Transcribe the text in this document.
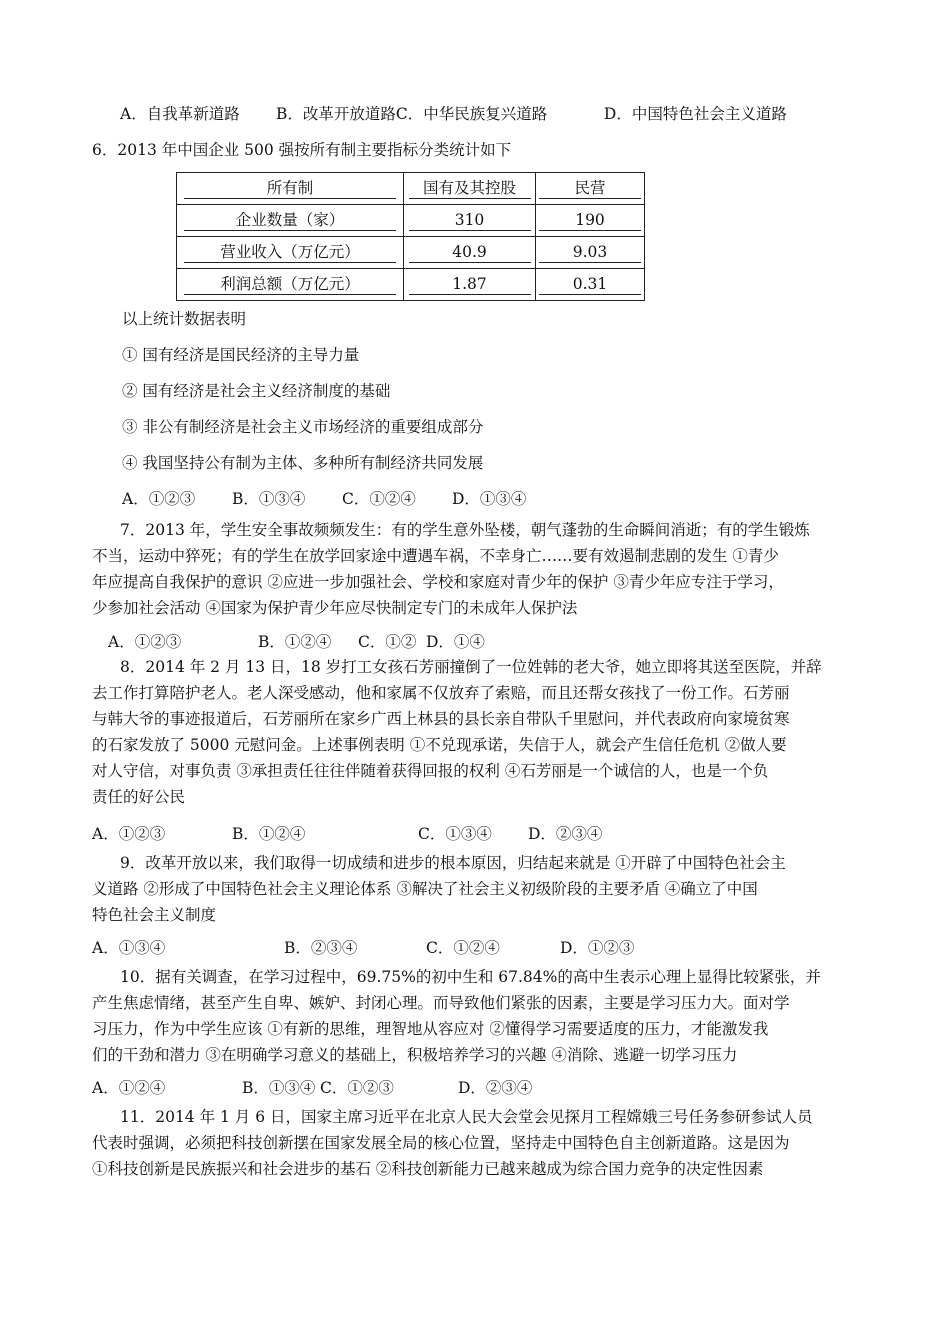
A．自我革新道路 B．改革开放道路C．中华民族复兴道路	D．中国特色社会主义道路
6．2013 年中国企业 500 强按所有制主要指标分类统计如下
所有制	国有及其控股	民营
企业数量（家）	310	190
营业收入（万亿元）	40.9	9.03
利润总额（万亿元）	1.87	0.31
以上统计数据表明
① 国有经济是国民经济的主导力量
② 国有经济是社会主义经济制度的基础
③ 非公有制经济是社会主义市场经济的重要组成部分
④ 我国坚持公有制为主体、多种所有制经济共同发展
A．①②③ B．①③④ C．①②④ D．①③④
7．2013 年，学生安全事故频频发生：有的学生意外坠楼，朝气蓬勃的生命瞬间消逝；有的学生锻炼
不当，运动中猝死；有的学生在放学回家途中遭遇车祸，不幸身亡……要有效遏制悲剧的发生 ①青少
年应提高自我保护的意识 ②应进一步加强社会、学校和家庭对青少年的保护 ③青少年应专注于学习，
少参加社会活动 ④国家为保护青少年应尽快制定专门的未成年人保护法
A．①②③	B．①②④ C．①② D．①④
8．2014 年 2 月 13 日，18 岁打工女孩石芳丽撞倒了一位姓韩的老大爷，她立即将其送至医院，并辞
去工作打算陪护老人。老人深受感动，他和家属不仅放弃了索赔，而且还帮女孩找了一份工作。石芳丽
与韩大爷的事迹报道后，石芳丽所在家乡广西上林县的县长亲自带队千里慰问，并代表政府向家境贫寒
的石家发放了 5000 元慰问金。上述事例表明 ①不兑现承诺，失信于人，就会产生信任危机 ②做人要
对人守信，对事负责 ③承担责任往往伴随着获得回报的权利 ④石芳丽是一个诚信的人，也是一个负
责任的好公民
A．①②③	B．①②④	C．①③④ D．②③④
9．改革开放以来，我们取得一切成绩和进步的根本原因，归结起来就是 ①开辟了中国特色社会主
义道路 ②形成了中国特色社会主义理论体系 ③解决了社会主义初级阶段的主要矛盾 ④确立了中国
特色社会主义制度
A．①③④	B．②③④	C．①②④	D．①②③
10．据有关调查，在学习过程中，69.75%的初中生和 67.84%的高中生表示心理上显得比较紧张，并
产生焦虑情绪，甚至产生自卑、嫉妒、封闭心理。而导致他们紧张的因素，主要是学习压力大。面对学
习压力，作为中学生应该 ①有新的思维，理智地从容应对 ②懂得学习需要适度的压力，才能激发我
们的干劲和潜力 ③在明确学习意义的基础上，积极培养学习的兴趣 ④消除、逃避一切学习压力
A．①②④	B．①③④ C．①②③	D．②③④
11．2014 年 1 月 6 日，国家主席习近平在北京人民大会堂会见探月工程嫦娥三号任务参研参试人员
代表时强调，必须把科技创新摆在国家发展全局的核心位置，坚持走中国特色自主创新道路。这是因为
①科技创新是民族振兴和社会进步的基石 ②科技创新能力已越来越成为综合国力竞争的决定性因素
